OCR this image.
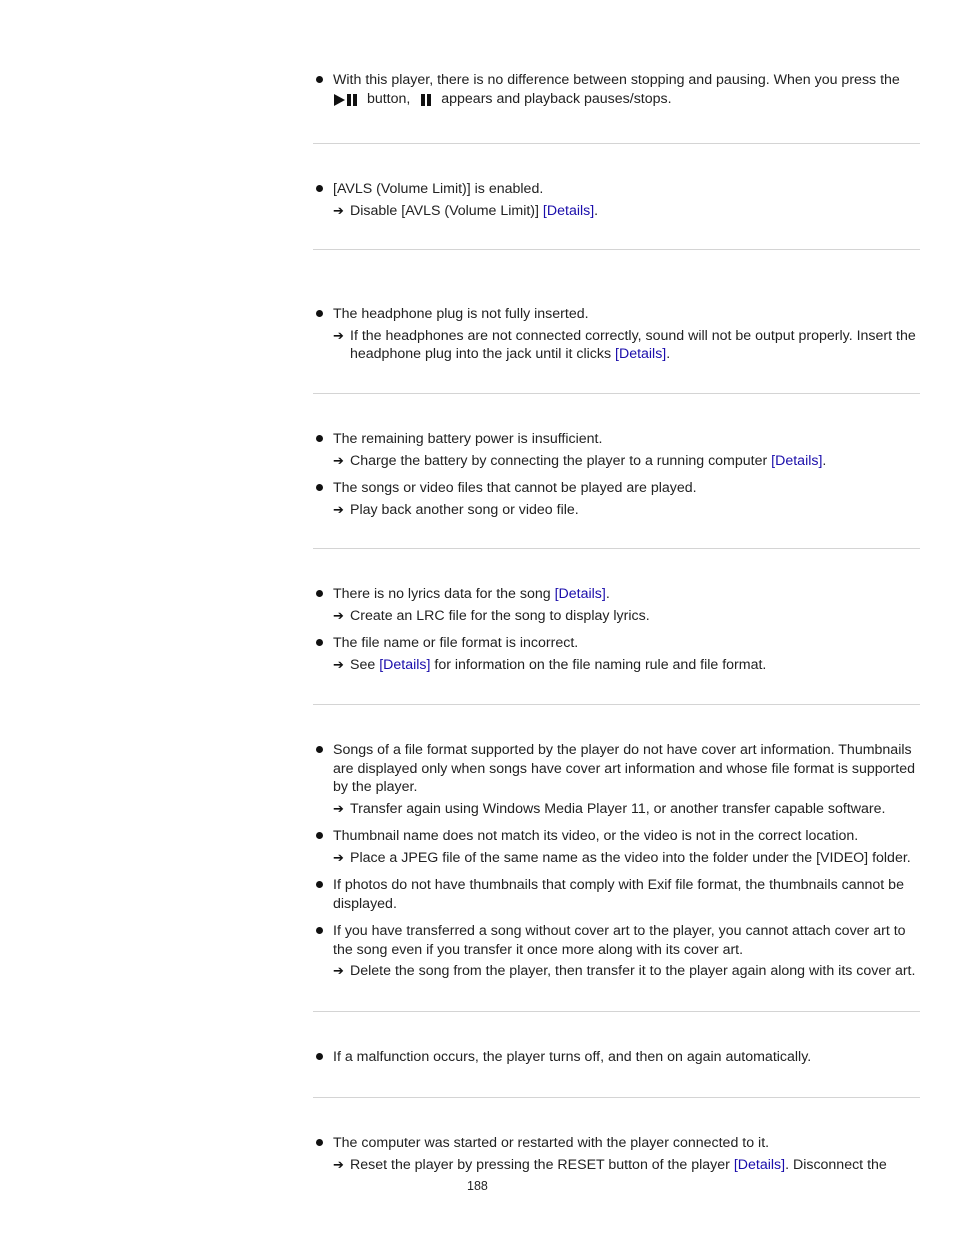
With this player, there is no difference between stopping and pausing. When you press the
button,  appears and playback pauses/stops.
[AVLS (Volume Limit)] is enabled.
➔ Disable [AVLS (Volume Limit)] [Details].
The headphone plug is not fully inserted.
➔ If the headphones are not connected correctly, sound will not be output properly. Insert the headphone plug into the jack until it clicks [Details].
The remaining battery power is insufficient.
➔ Charge the battery by connecting the player to a running computer [Details].
The songs or video files that cannot be played are played.
➔ Play back another song or video file.
There is no lyrics data for the song [Details].
➔ Create an LRC file for the song to display lyrics.
The file name or file format is incorrect.
➔ See [Details] for information on the file naming rule and file format.
Songs of a file format supported by the player do not have cover art information. Thumbnails are displayed only when songs have cover art information and whose file format is supported by the player.
➔ Transfer again using Windows Media Player 11, or another transfer capable software.
Thumbnail name does not match its video, or the video is not in the correct location.
➔ Place a JPEG file of the same name as the video into the folder under the [VIDEO] folder.
If photos do not have thumbnails that comply with Exif file format, the thumbnails cannot be displayed.
If you have transferred a song without cover art to the player, you cannot attach cover art to the song even if you transfer it once more along with its cover art.
➔ Delete the song from the player, then transfer it to the player again along with its cover art.
If a malfunction occurs, the player turns off, and then on again automatically.
The computer was started or restarted with the player connected to it.
➔ Reset the player by pressing the RESET button of the player [Details]. Disconnect the
188
